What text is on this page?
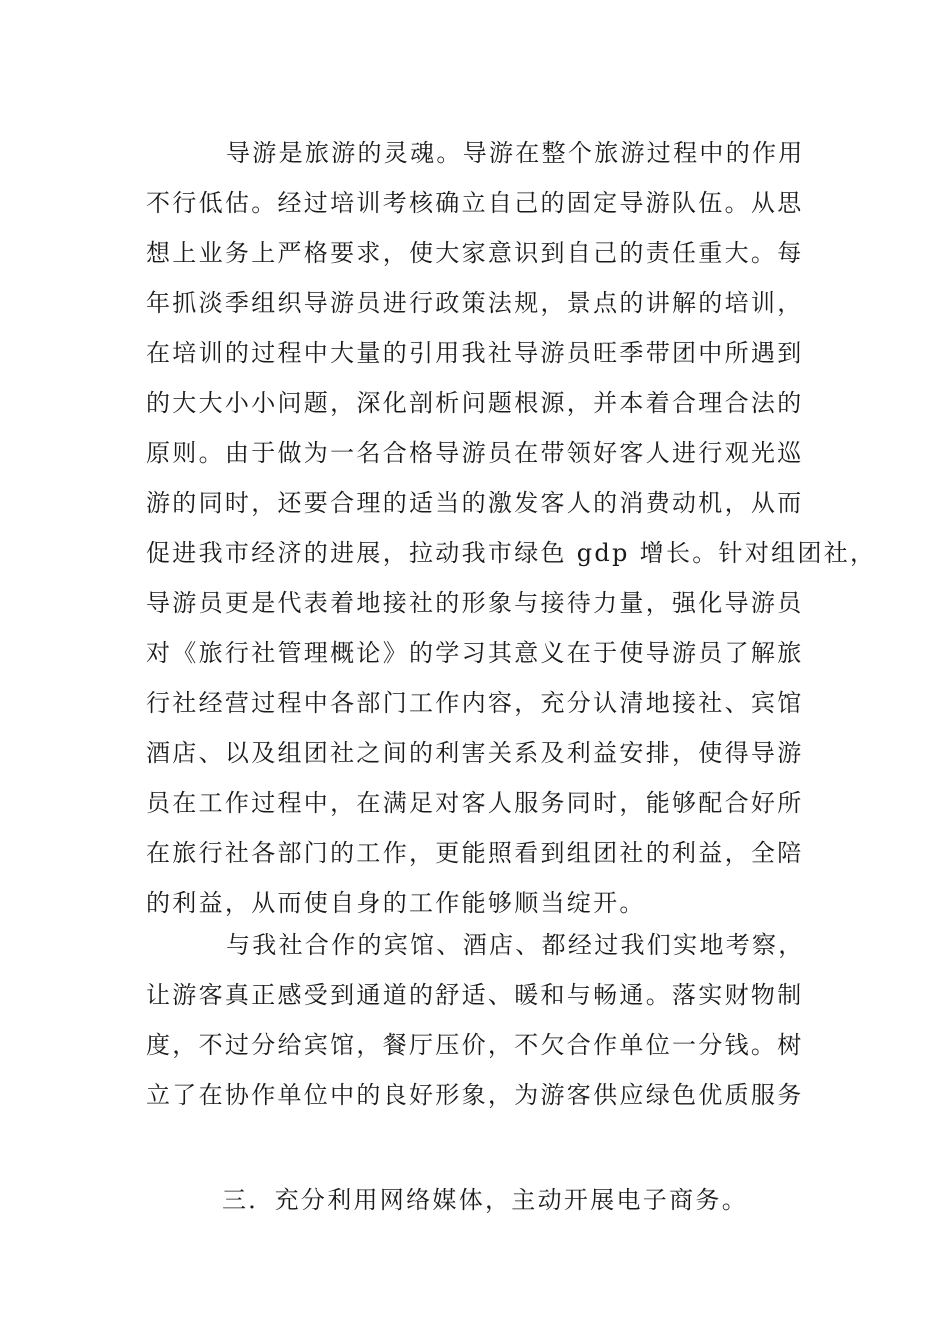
导游是旅游的灵魂。导游在整个旅游过程中的作用
不行低估。经过培训考核确立自己的固定导游队伍。从思
想上业务上严格要求，使大家意识到自己的责任重大。每
年抓淡季组织导游员进行政策法规，景点的讲解的培训，
在培训的过程中大量的引用我社导游员旺季带团中所遇到
的大大小小问题，深化剖析问题根源，并本着合理合法的
原则。由于做为一名合格导游员在带领好客人进行观光巡
游的同时，还要合理的适当的激发客人的消费动机，从而
促进我市经济的进展，拉动我市绿色 gdp 增长。针对组团社，
导游员更是代表着地接社的形象与接待力量，强化导游员
对《旅行社管理概论》的学习其意义在于使导游员了解旅
行社经营过程中各部门工作内容，充分认清地接社、宾馆
酒店、以及组团社之间的利害关系及利益安排，使得导游
员在工作过程中，在满足对客人服务同时，能够配合好所
在旅行社各部门的工作，更能照看到组团社的利益，全陪
的利益，从而使自身的工作能够顺当绽开。
与我社合作的宾馆、酒店、都经过我们实地考察，
让游客真正感受到通道的舒适、暖和与畅通。落实财物制
度，不过分给宾馆，餐厅压价，不欠合作单位一分钱。树
立了在协作单位中的良好形象，为游客供应绿色优质服务
三．充分利用网络媒体，主动开展电子商务。
